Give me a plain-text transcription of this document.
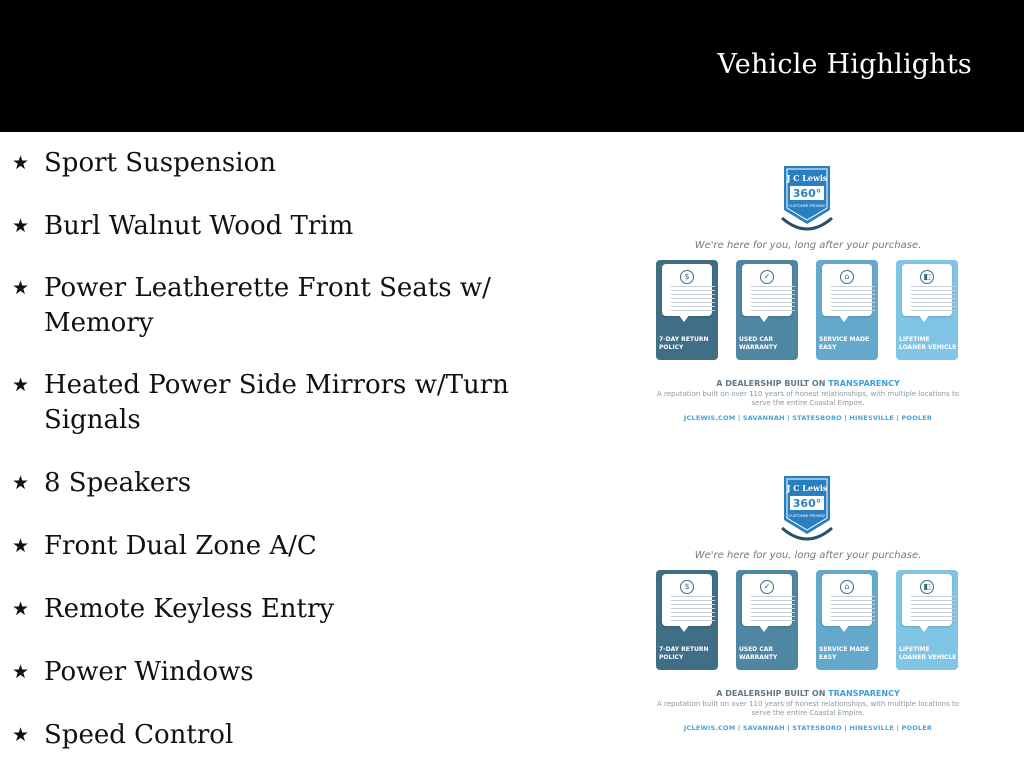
Vehicle Highlights
★ Sport Suspension
★ Burl Walnut Wood Trim
★ Power Leatherette Front Seats w/ Memory
★ Heated Power Side Mirrors w/Turn Signals
★ 8 Speakers
★ Front Dual Zone A/C
★ Remote Keyless Entry
★ Power Windows
★ Speed Control
J C Lewis
360°
CUSTOMER PROMISE
We're here for you, long after your purchase.
$
7-DAY RETURN POLICY
✓
USED CAR WARRANTY
⌂
SERVICE MADE EASY
◧
LIFETIME LOANER VEHICLE
A DEALERSHIP BUILT ON TRANSPARENCY
A reputation built on over 110 years of honest relationships, with multiple locations to serve the entire Coastal Empire.
JCLEWIS.COM | SAVANNAH | STATESBORO | HINESVILLE | POOLER
J C Lewis
360°
CUSTOMER PROMISE
We're here for you, long after your purchase.
$
7-DAY RETURN POLICY
✓
USED CAR WARRANTY
⌂
SERVICE MADE EASY
◧
LIFETIME LOANER VEHICLE
A DEALERSHIP BUILT ON TRANSPARENCY
A reputation built on over 110 years of honest relationships, with multiple locations to serve the entire Coastal Empire.
JCLEWIS.COM | SAVANNAH | STATESBORO | HINESVILLE | POOLER
